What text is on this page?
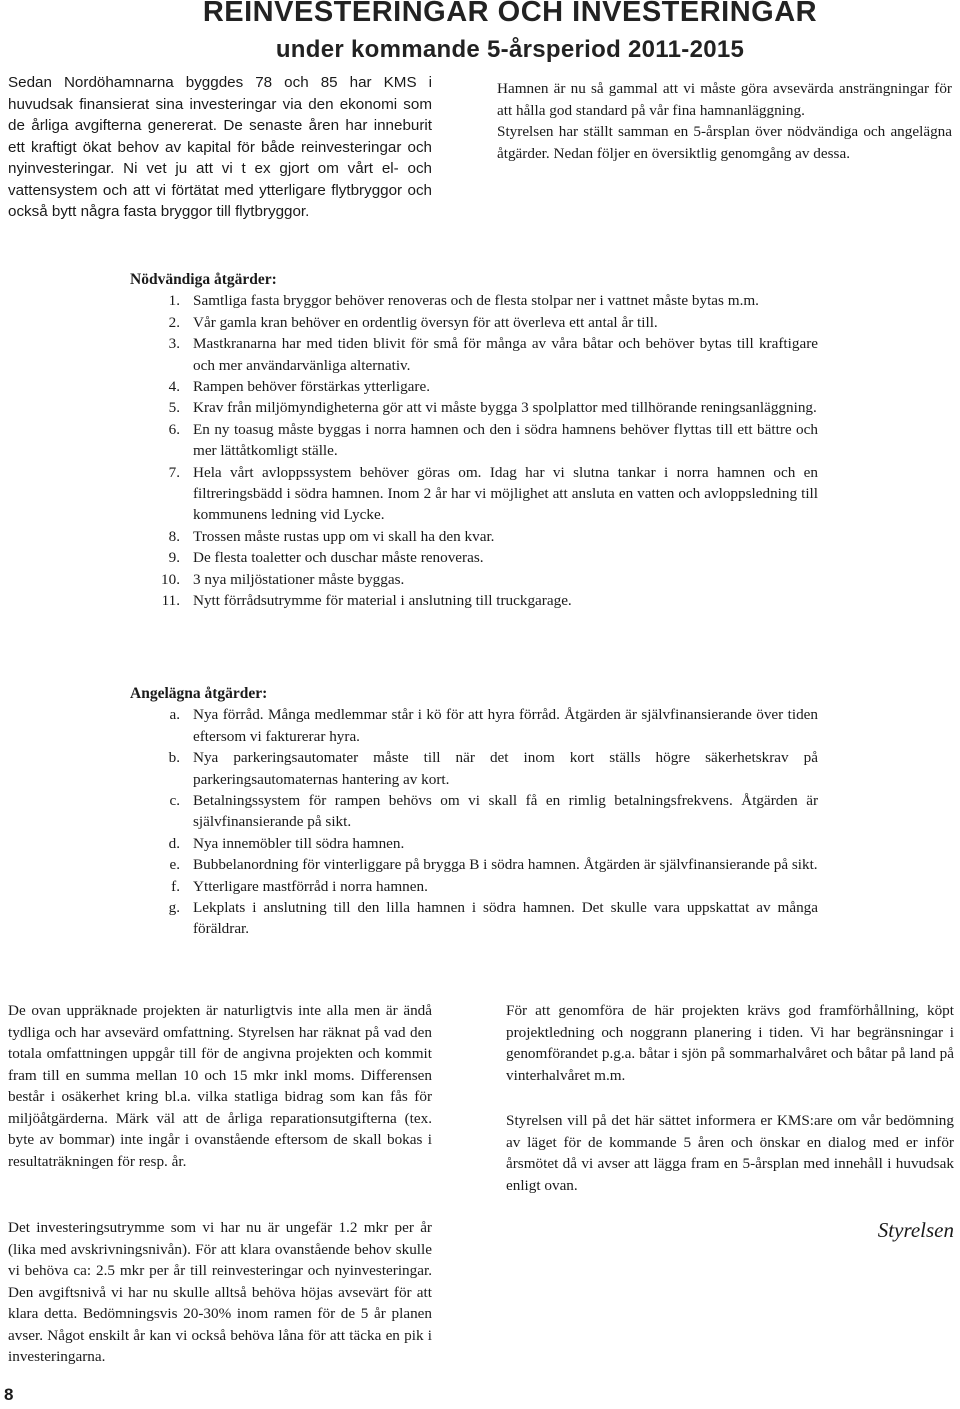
REINVESTERINGAR OCH INVESTERINGAR
under kommande 5-årsperiod 2011-2015

Sedan Nordöhamnarna byggdes 78 och 85 har KMS i huvudsak finansierat sina investeringar via den ekonomi som de årliga avgifterna genererat. De senaste åren har inneburit ett kraftigt ökat behov av kapital för både reinvesteringar och nyinvesteringar. Ni vet ju att vi t ex gjort om vårt el- och vattensystem och att vi förtätat med ytterligare flytbryggor och också bytt några fasta bryggor till flytbryggor.

Hamnen är nu så gammal att vi måste göra avsevärda ansträngningar för att hålla god standard på vår fina hamnanläggning.

Styrelsen har ställt samman en 5-årsplan över nödvändiga och angelägna åtgärder. Nedan följer en översiktlig genomgång av dessa.

Nödvändiga åtgärder:
1. Samtliga fasta bryggor behöver renoveras och de flesta stolpar ner i vattnet måste bytas m.m.
2. Vår gamla kran behöver en ordentlig översyn för att överleva ett antal år till.
3. Mastkranarna har med tiden blivit för små för många av våra båtar och behöver bytas till kraftigare och mer användarvänliga alternativ.
4. Rampen behöver förstärkas ytterligare.
5. Krav från miljömyndigheterna gör att vi måste bygga 3 spolplattor med tillhörande reningsanläggning.
6. En ny toasug måste byggas i norra hamnen och den i södra hamnens behöver flyttas till ett bättre och mer lättåtkomligt ställe.
7. Hela vårt avloppssystem behöver göras om. Idag har vi slutna tankar i norra hamnen och en filtreringsbädd i södra hamnen. Inom 2 år har vi möjlighet att ansluta en vatten och avloppsledning till kommunens ledning vid Lycke.
8. Trossen måste rustas upp om vi skall ha den kvar.
9. De flesta toaletter och duschar måste renoveras.
10. 3 nya miljöstationer måste byggas.
11. Nytt förrådsutrymme för material i anslutning till truckgarage.
Angelägna åtgärder:
a. Nya förråd. Många medlemmar står i kö för att hyra förråd. Åtgärden är självfinansierande över tiden eftersom vi fakturerar hyra.
b. Nya parkeringsautomater måste till när det inom kort ställs högre säkerhetskrav på parkeringsautomaternas hantering av kort.
c. Betalningssystem för rampen behövs om vi skall få en rimlig betalningsfrekvens. Åtgärden är självfinansierande på sikt.
d. Nya innemöbler till södra hamnen.
e. Bubbelanordning för vinterliggare på brygga B i södra hamnen. Åtgärden är självfinansierande på sikt.
f. Ytterligare mastförråd i norra hamnen.
g. Lekplats i anslutning till den lilla hamnen i södra hamnen. Det skulle vara uppskattat av många föräldrar.

De ovan uppräknade projekten är naturligtvis inte alla men är ändå tydliga och har avsevärd omfattning. Styrelsen har räknat på vad den totala omfattningen uppgår till för de angivna projekten och kommit fram till en summa mellan 10 och 15 mkr inkl moms. Differensen består i osäkerhet kring bl.a. vilka statliga bidrag som kan fås för miljöåtgärderna. Märk väl att de årliga reparationsutgifterna (tex. byte av bommar) inte ingår i ovanstående eftersom de skall bokas i resultaträkningen för resp. år.

Det investeringsutrymme som vi har nu är ungefär 1.2 mkr per år (lika med avskrivningsnivån). För att klara ovanstående behov skulle vi behöva ca: 2.5 mkr per år till reinvesteringar och nyinvesteringar. Den avgiftsnivå vi har nu skulle alltså behöva höjas avsevärt för att klara detta. Bedömningsvis 20-30% inom ramen för de 5 år planen avser. Något enskilt år kan vi också behöva låna för att täcka en pik i investeringarna.

För att genomföra de här projekten krävs god framförhållning, köpt projektledning och noggrann planering i tiden. Vi har begränsningar i genomförandet p.g.a. båtar i sjön på sommarhalvåret och båtar på land på vinterhalvåret m.m.

Styrelsen vill på det här sättet informera er KMS:are om vår bedömning av läget för de kommande 5 åren och önskar en dialog med er inför årsmötet då vi avser att lägga fram en 5-årsplan med innehåll i huvudsak enligt ovan.

Styrelsen
8
